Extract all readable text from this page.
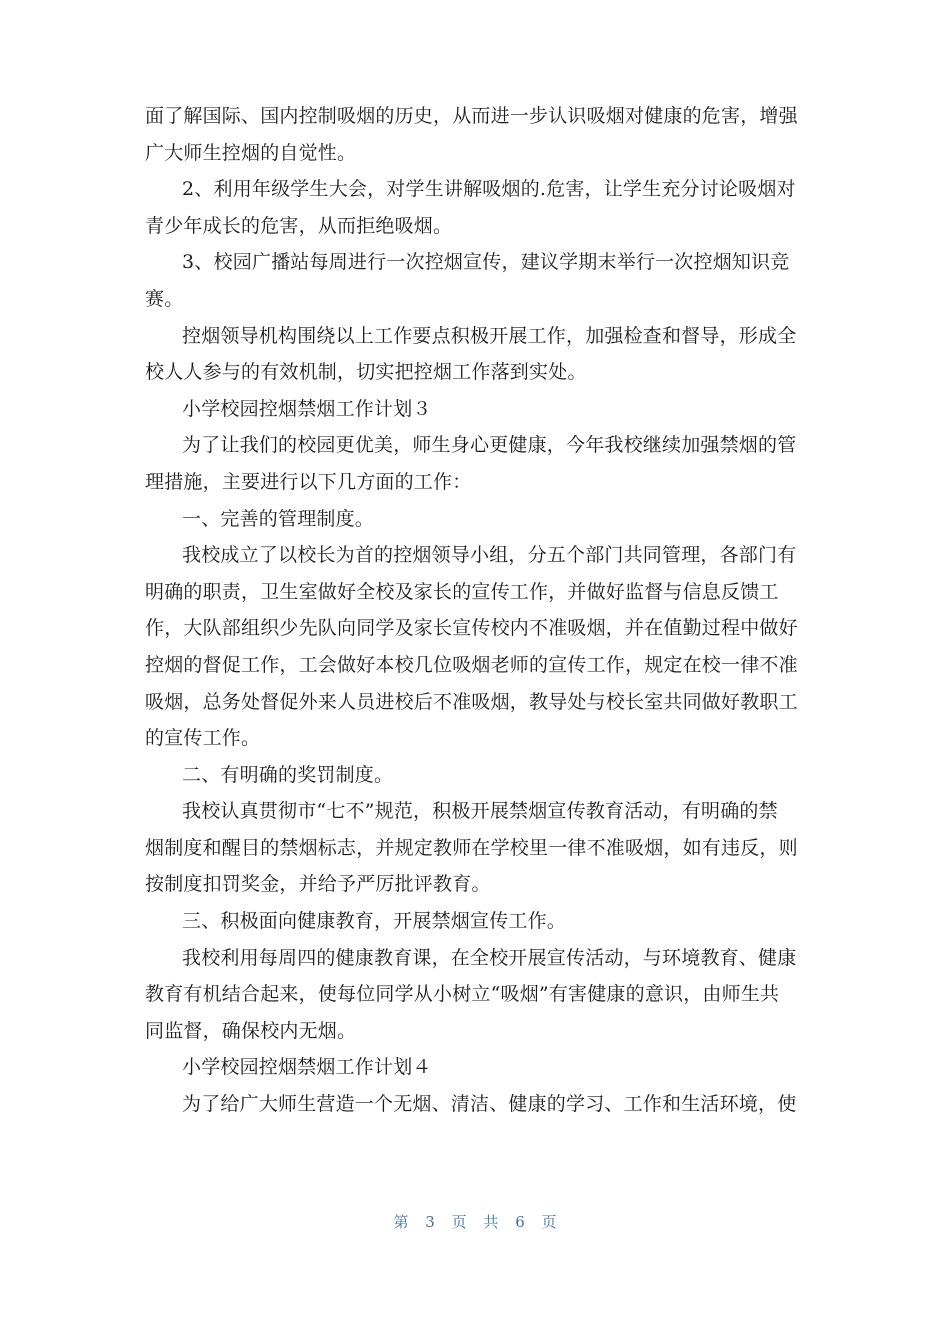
面了解国际、国内控制吸烟的历史，从而进一步认识吸烟对健康的危害，增强
广大师生控烟的自觉性。
2、利用年级学生大会，对学生讲解吸烟的.危害，让学生充分讨论吸烟对
青少年成长的危害，从而拒绝吸烟。
3、校园广播站每周进行一次控烟宣传，建议学期末举行一次控烟知识竞
赛。
控烟领导机构围绕以上工作要点积极开展工作，加强检查和督导，形成全
校人人参与的有效机制，切实把控烟工作落到实处。
小学校园控烟禁烟工作计划３
为了让我们的校园更优美，师生身心更健康，今年我校继续加强禁烟的管
理措施，主要进行以下几方面的工作：
一、完善的管理制度。
我校成立了以校长为首的控烟领导小组，分五个部门共同管理，各部门有
明确的职责，卫生室做好全校及家长的宣传工作，并做好监督与信息反馈工
作，大队部组织少先队向同学及家长宣传校内不准吸烟，并在值勤过程中做好
控烟的督促工作，工会做好本校几位吸烟老师的宣传工作，规定在校一律不准
吸烟，总务处督促外来人员进校后不准吸烟，教导处与校长室共同做好教职工
的宣传工作。
二、有明确的奖罚制度。
我校认真贯彻市“七不”规范，积极开展禁烟宣传教育活动，有明确的禁
烟制度和醒目的禁烟标志，并规定教师在学校里一律不准吸烟，如有违反，则
按制度扣罚奖金，并给予严厉批评教育。
三、积极面向健康教育，开展禁烟宣传工作。
我校利用每周四的健康教育课，在全校开展宣传活动，与环境教育、健康
教育有机结合起来，使每位同学从小树立“吸烟”有害健康的意识，由师生共
同监督，确保校内无烟。
小学校园控烟禁烟工作计划４
为了给广大师生营造一个无烟、清洁、健康的学习、工作和生活环境，使
第 3 页 共 6 页
